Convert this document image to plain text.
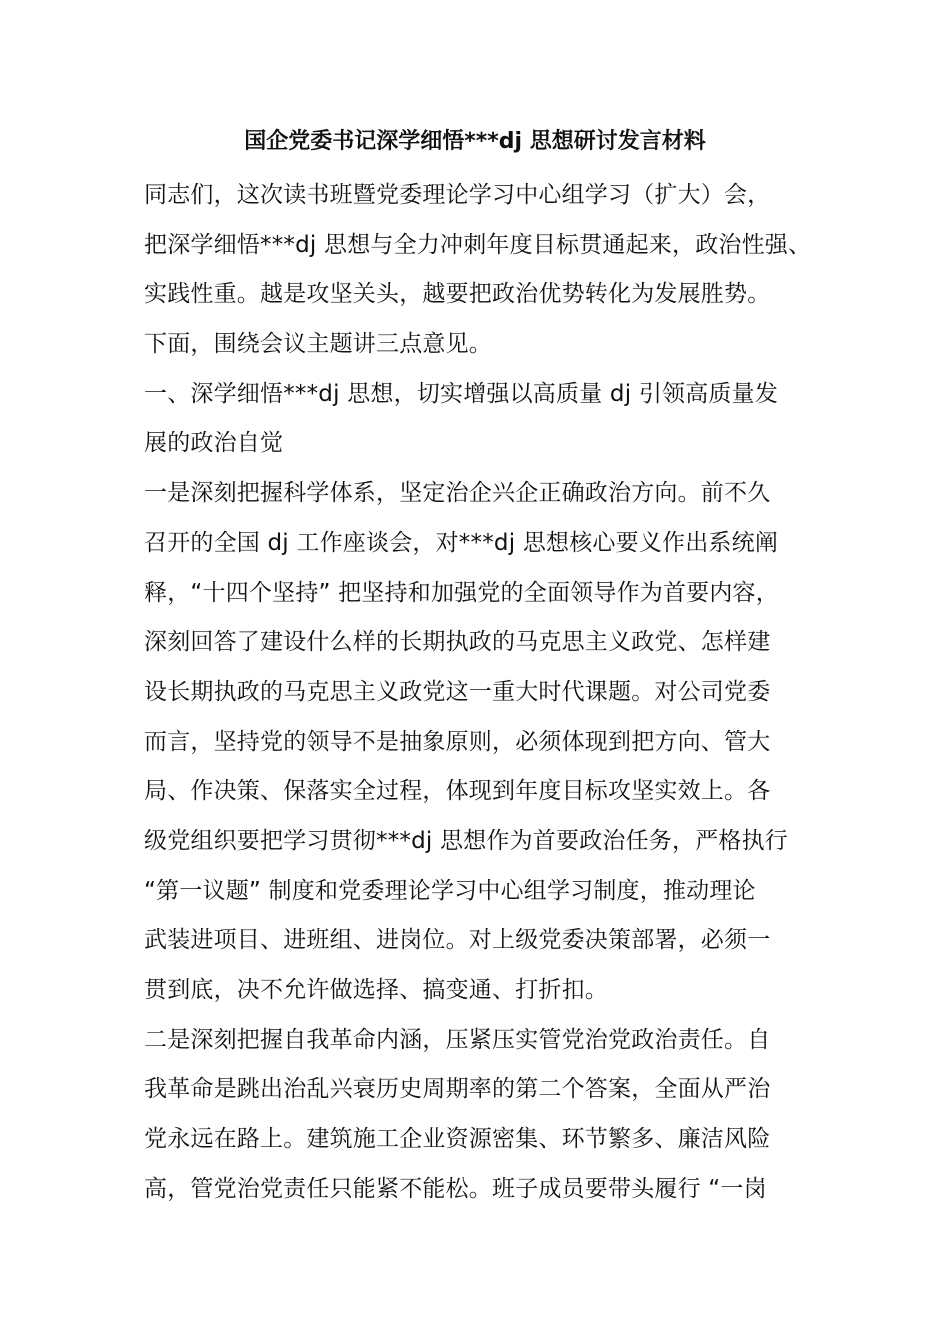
国企党委书记深学细悟***dj 思想研讨发言材料
同志们，这次读书班暨党委理论学习中心组学习（扩大）会，
把深学细悟***dj 思想与全力冲刺年度目标贯通起来，政治性强、
实践性重。越是攻坚关头，越要把政治优势转化为发展胜势。
下面，围绕会议主题讲三点意见。
一、深学细悟***dj 思想，切实增强以高质量 dj 引领高质量发
展的政治自觉
一是深刻把握科学体系，坚定治企兴企正确政治方向。前不久
召开的全国 dj 工作座谈会，对***dj 思想核心要义作出系统阐
释，“十四个坚持” 把坚持和加强党的全面领导作为首要内容，
深刻回答了建设什么样的长期执政的马克思主义政党、怎样建
设长期执政的马克思主义政党这一重大时代课题。对公司党委
而言，坚持党的领导不是抽象原则，必须体现到把方向、管大
局、作决策、保落实全过程，体现到年度目标攻坚实效上。各
级党组织要把学习贯彻***dj 思想作为首要政治任务，严格执行
“第一议题” 制度和党委理论学习中心组学习制度，推动理论
武装进项目、进班组、进岗位。对上级党委决策部署，必须一
贯到底，决不允许做选择、搞变通、打折扣。
二是深刻把握自我革命内涵，压紧压实管党治党政治责任。自
我革命是跳出治乱兴衰历史周期率的第二个答案，全面从严治
党永远在路上。建筑施工企业资源密集、环节繁多、廉洁风险
高，管党治党责任只能紧不能松。班子成员要带头履行 “一岗
